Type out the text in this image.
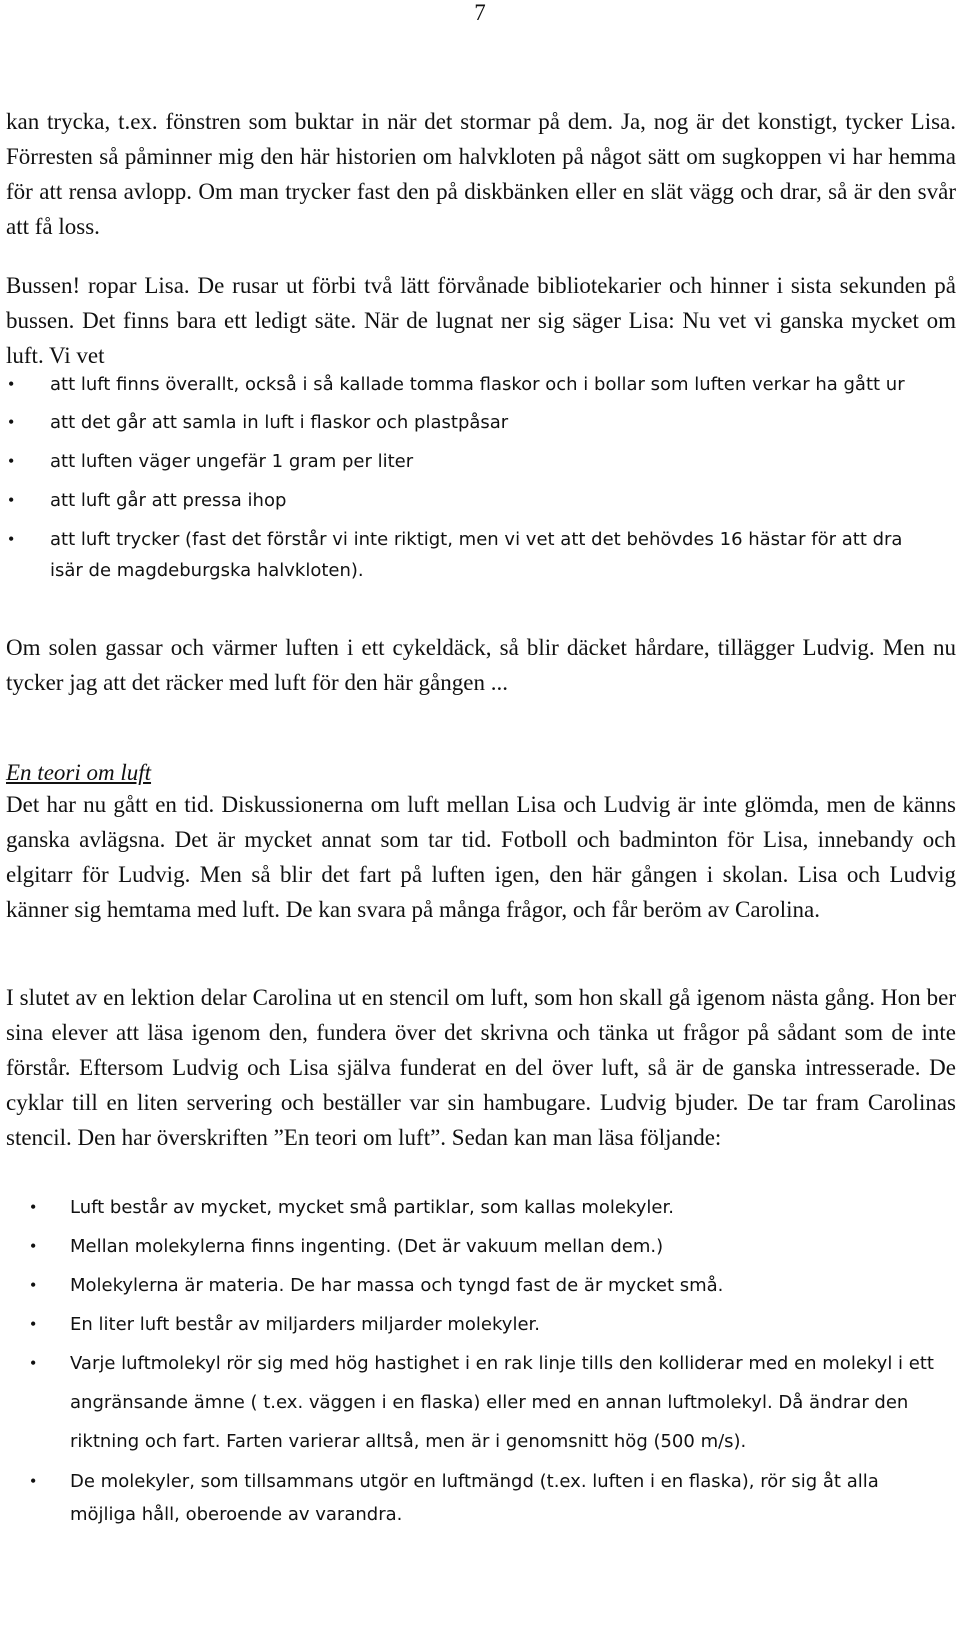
7

kan trycka, t.ex. fönstren som buktar in när det stormar på dem. Ja, nog är det konstigt, tycker Lisa. Förresten så påminner mig den här historien om halvkloten på något sätt om sugkoppen vi har hemma för att rensa avlopp. Om man trycker fast den på diskbänken eller en slät vägg och drar, så är den svår att få loss.

Bussen! ropar Lisa. De rusar ut förbi två lätt förvånade bibliotekarier och hinner i sista sekunden på bussen. Det finns bara ett ledigt säte. När de lugnat ner sig säger Lisa: Nu vet vi ganska mycket om luft. Vi vet

• att luft finns överallt, också i så kallade tomma flaskor och i bollar som luften verkar ha gått ur
• att det går att samla in luft i flaskor och plastpåsar
• att luften väger ungefär 1 gram per liter
• att luft går att pressa ihop
• att luft trycker (fast det förstår vi inte riktigt, men vi vet att det behövdes 16 hästar för att dra isär de magdeburgska halvkloten).

Om solen gassar och värmer luften i ett cykeldäck, så blir däcket hårdare, tillägger Ludvig. Men nu tycker jag att det räcker med luft för den här gången ...

En teori om luft

Det har nu gått en tid. Diskussionerna om luft mellan Lisa och Ludvig är inte glömda, men de känns ganska avlägsna. Det är mycket annat som tar tid. Fotboll och badminton för Lisa, innebandy och elgitarr för Ludvig. Men så blir det fart på luften igen, den här gången i skolan. Lisa och Ludvig känner sig hemtama med luft. De kan svara på många frågor, och får beröm av Carolina.

I slutet av en lektion delar Carolina ut en stencil om luft, som hon skall gå igenom nästa gång. Hon ber sina elever att läsa igenom den, fundera över det skrivna och tänka ut frågor på sådant som de inte förstår. Eftersom Ludvig och Lisa själva funderat en del över luft, så är de ganska intresserade. De cyklar till en liten servering och beställer var sin hambugare. Ludvig bjuder. De tar fram Carolinas stencil. Den har överskriften ”En teori om luft”. Sedan kan man läsa följande:

• Luft består av mycket, mycket små partiklar, som kallas molekyler.
• Mellan molekylerna finns ingenting. (Det är vakuum mellan dem.)
• Molekylerna är materia. De har massa och tyngd fast de är mycket små.
• En liter luft består av miljarders miljarder molekyler.
• Varje luftmolekyl rör sig med hög hastighet i en rak linje tills den kolliderar med en molekyl i ett angränsande ämne ( t.ex. väggen i en flaska) eller med en annan luftmolekyl. Då ändrar den riktning och fart. Farten varierar alltså, men är i genomsnitt hög (500 m/s).
• De molekyler, som tillsammans utgör en luftmängd (t.ex. luften i en flaska), rör sig åt alla möjliga håll, oberoende av varandra.
